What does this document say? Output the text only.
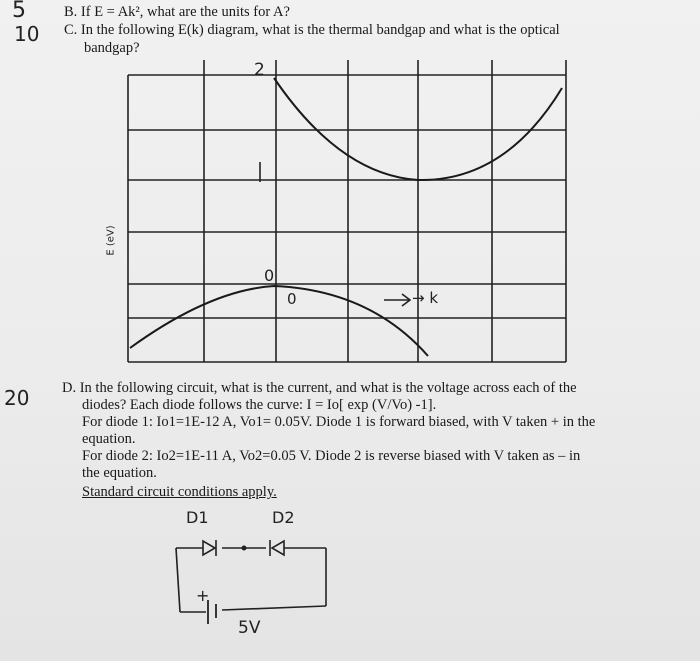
5
10
20
B. If E = Ak², what are the units for A?
C. In the following E(k) diagram, what is the thermal bandgap and what is the optical
bandgap?
E (eV)
2
0
0	→ k
D. In the following circuit, what is the current, and what is the voltage across each of the
diodes? Each diode follows the curve: I = Io[ exp (V/Vo) -1].
For diode 1: Io1=1E-12 A, Vo1= 0.05V. Diode 1 is forward biased, with V taken + in the
equation.
For diode 2: Io2=1E-11 A, Vo2=0.05 V. Diode 2 is reverse biased with V taken as – in
the equation.
Standard circuit conditions apply.
D1	D2
+
5V
